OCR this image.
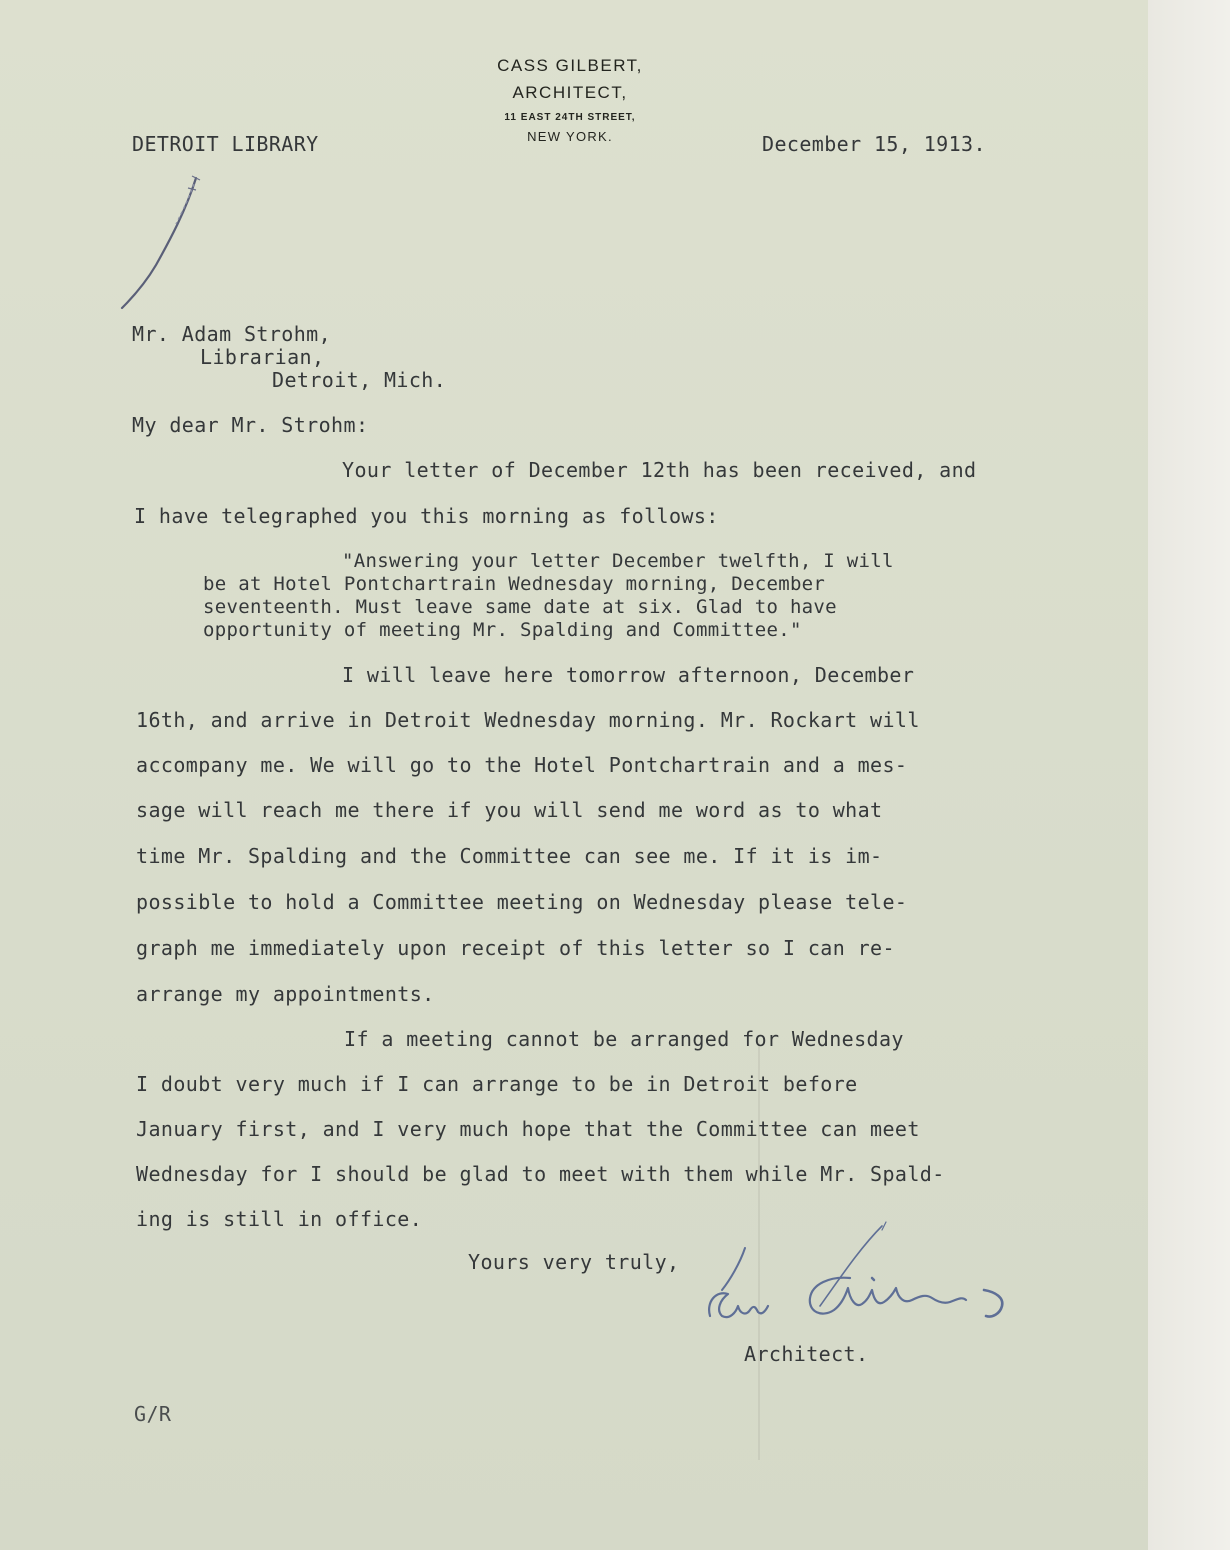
CASS GILBERT,
ARCHITECT,
11 EAST 24TH STREET,
NEW YORK.
DETROIT LIBRARY	December 15, 1913.
Mr. Adam Strohm,
Librarian,
Detroit, Mich.
My dear Mr. Strohm:
Your letter of December 12th has been received, and
I have telegraphed you this morning as follows:
"Answering your letter December twelfth, I will
be at Hotel Pontchartrain Wednesday morning, December
seventeenth. Must leave same date at six. Glad to have
opportunity of meeting Mr. Spalding and Committee."
I will leave here tomorrow afternoon, December
16th, and arrive in Detroit Wednesday morning. Mr. Rockart will
accompany me. We will go to the Hotel Pontchartrain and a mes-
sage will reach me there if you will send me word as to what
time Mr. Spalding and the Committee can see me. If it is im-
possible to hold a Committee meeting on Wednesday please tele-
graph me immediately upon receipt of this letter so I can re-
arrange my appointments.
If a meeting cannot be arranged for Wednesday
I doubt very much if I can arrange to be in Detroit before
January first, and I very much hope that the Committee can meet
Wednesday for I should be glad to meet with them while Mr. Spald-
ing is still in office.
Yours very truly,
Architect.
G/R
